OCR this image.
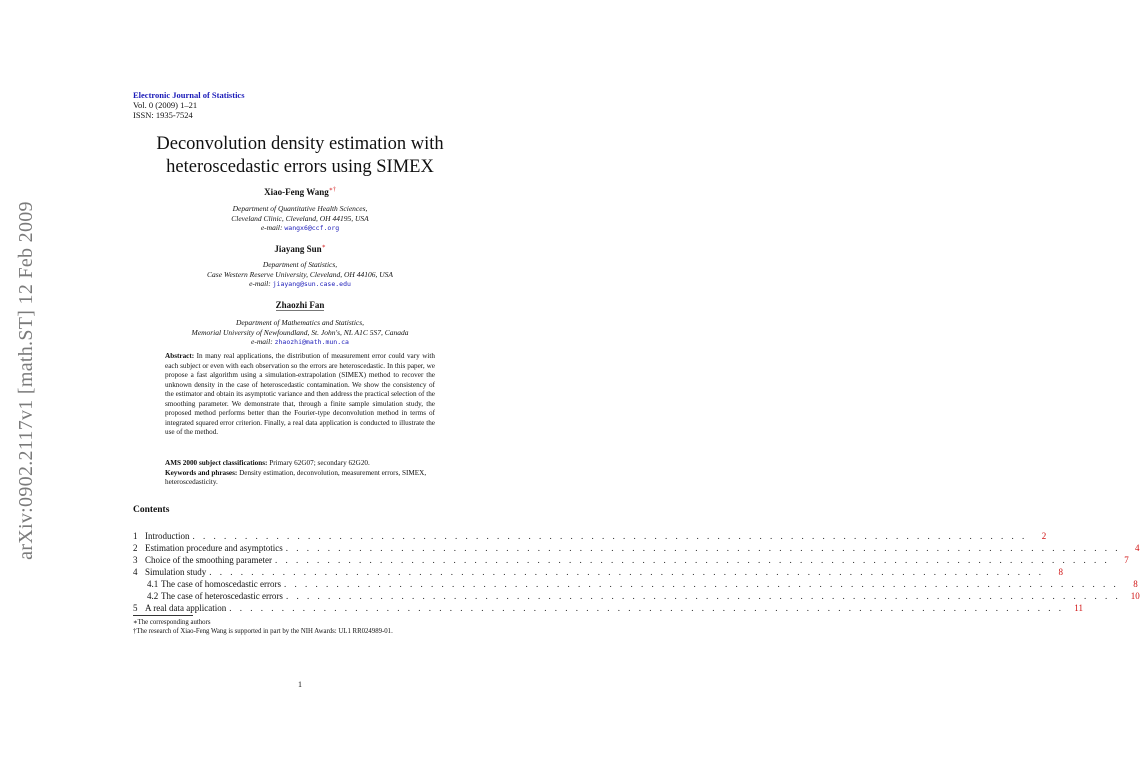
arXiv:0902.2117v1 [math.ST] 12 Feb 2009
Electronic Journal of Statistics
Vol. 0 (2009) 1–21
ISSN: 1935-7524
Deconvolution density estimation with
heteroscedastic errors using SIMEX
Xiao-Feng Wang∗†
Department of Quantitative Health Sciences,
Cleveland Clinic, Cleveland, OH 44195, USA
e-mail: wangx6@ccf.org
Jiayang Sun∗
Department of Statistics,
Case Western Reserve University, Cleveland, OH 44106, USA
e-mail: jiayang@sun.case.edu
Zhaozhi Fan
Department of Mathematics and Statistics,
Memorial University of Newfoundland, St. John's, NL A1C 5S7, Canada
e-mail: zhaozhi@math.mun.ca
Abstract: In many real applications, the distribution of measurement error could vary with each subject or even with each observation so the errors are heteroscedastic. In this paper, we propose a fast algorithm using a simulation-extrapolation (SIMEX) method to recover the unknown density in the case of heteroscedastic contamination. We show the consistency of the estimator and obtain its asymptotic variance and then address the practical selection of the smoothing parameter. We demonstrate that, through a finite sample simulation study, the proposed method performs better than the Fourier-type deconvolution method in terms of integrated squared error criterion. Finally, a real data application is conducted to illustrate the use of the method.
AMS 2000 subject classifications: Primary 62G07; secondary 62G20.
Keywords and phrases: Density estimation, deconvolution, measurement errors, SIMEX, heteroscedasticity.
Contents
1 Introduction . . . . . . . . . . . . . . . . . . . . . . . . . . . . . . . . . . . . . . . . . . . . . . . . . . . . . . . . . . . . . . . . . . . . . . . . . . . . . . . .	2
2 Estimation procedure and asymptotics . . . . . . . . . . . . . . . . . . . . . . . . . . . . . . . . . . . . . . . . . . . . . . . . . . . . . . . . . . . . . . . . . . . . . . . . . . . . . . . .	4
3 Choice of the smoothing parameter . . . . . . . . . . . . . . . . . . . . . . . . . . . . . . . . . . . . . . . . . . . . . . . . . . . . . . . . . . . . . . . . . . . . . . . . . . . . . . . .	7
4 Simulation study . . . . . . . . . . . . . . . . . . . . . . . . . . . . . . . . . . . . . . . . . . . . . . . . . . . . . . . . . . . . . . . . . . . . . . . . . . . . . . . .	8
4.1 The case of homoscedastic errors . . . . . . . . . . . . . . . . . . . . . . . . . . . . . . . . . . . . . . . . . . . . . . . . . . . . . . . . . . . . . . . . . . . . . . . . . . . . . . . .	8
4.2 The case of heteroscedastic errors . . . . . . . . . . . . . . . . . . . . . . . . . . . . . . . . . . . . . . . . . . . . . . . . . . . . . . . . . . . . . . . . . . . . . . . . . . . . . . . .	10
5 A real data application . . . . . . . . . . . . . . . . . . . . . . . . . . . . . . . . . . . . . . . . . . . . . . . . . . . . . . . . . . . . . . . . . . . . . . . . . . . . . . . .	11
∗The corresponding authors
†The research of Xiao-Feng Wang is supported in part by the NIH Awards: UL1 RR024989-01.
1
